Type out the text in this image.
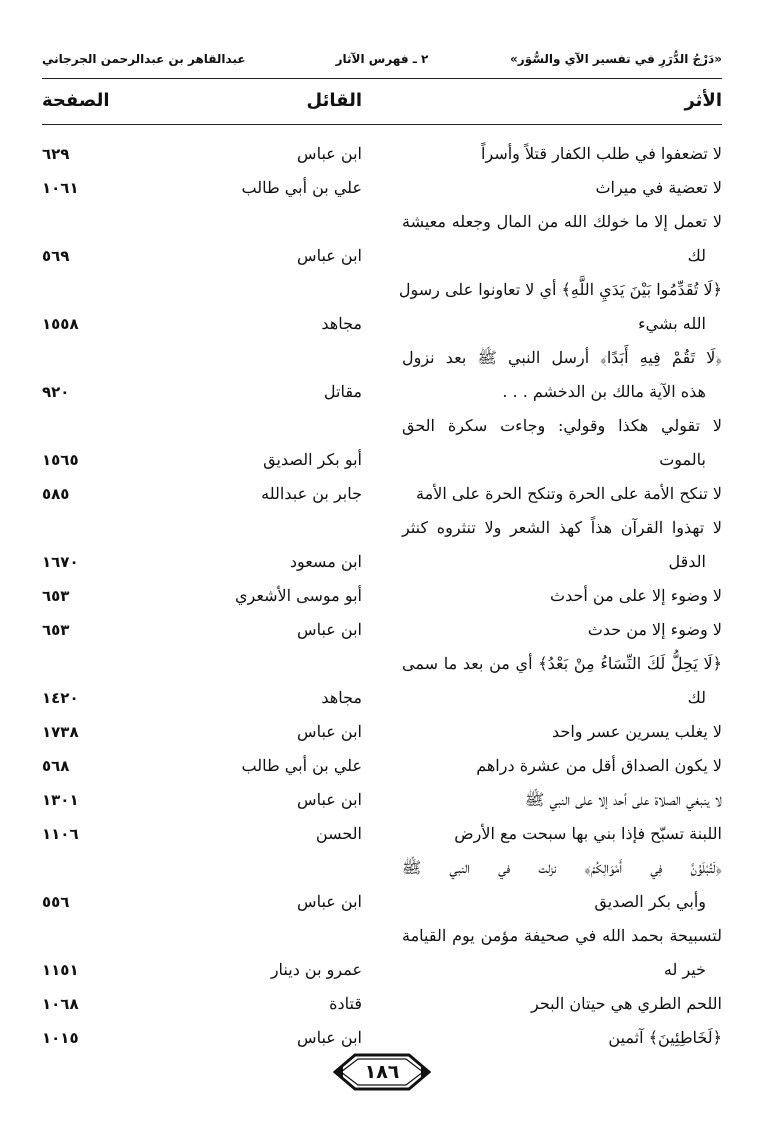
«دَرْجُ الدُّرَرِ في تفسير الآي والسُّوَر»
٢ ـ فهرس الآثار
عبدالقاهر بن عبدالرحمن الجرجاني
الأثر
القائل
الصفحة
لا تضعفوا في طلب الكفار قتلاً وأسراً
ابن عباس
٦٢٩
لا تعضية في ميراث
علي بن أبي طالب
١٠٦١
لا تعمل إلا ما خولك الله من المال وجعله معيشة
لك
ابن عباس
٥٦٩
﴿لَا تُقَدِّمُوا بَيْنَ يَدَيِ اللَّهِ﴾ أي لا تعاونوا على رسول
الله بشيء
مجاهد
١٥٥٨
﴿لَا تَقُمْ فِيهِ أَبَدًا﴾ أرسل النبي ﷺ بعد نزول
هذه الآية مالك بن الدخشم . . .
مقاتل
٩٢٠
لا تقولي هكذا وقولي: وجاءت سكرة الحق
بالموت
أبو بكر الصديق
١٥٦٥
لا تنكح الأمة على الحرة وتنكح الحرة على الأمة
جابر بن عبدالله
٥٨٥
لا تهذوا القرآن هذاً كهذ الشعر ولا تنثروه كنثر
الدقل
ابن مسعود
١٦٧٠
لا وضوء إلا على من أحدث
أبو موسى الأشعري
٦٥٣
لا وضوء إلا من حدث
ابن عباس
٦٥٣
﴿لَا يَحِلُّ لَكَ النِّسَاءُ مِنْ بَعْدُ﴾ أي من بعد ما سمى
لك
مجاهد
١٤٢٠
لا يغلب يسرين عسر واحد
ابن عباس
١٧٣٨
لا يكون الصداق أقل من عشرة دراهم
علي بن أبي طالب
٥٦٨
لا ينبغي الصلاة على أحد إلا على النبي ﷺ
ابن عباس
١٣٠١
اللبنة تسبّح فإذا بني بها سبحت مع الأرض
الحسن
١١٠٦
﴿لَتُبْلَوُنَّ فِي أَمْوَالِكُمْ﴾ نزلت في النبي ﷺ
وأبي بكر الصديق
ابن عباس
٥٥٦
لتسبيحة بحمد الله في صحيفة مؤمن يوم القيامة
خير له
عمرو بن دينار
١١٥١
اللحم الطري هي حيتان البحر
قتادة
١٠٦٨
﴿لَخَاطِئِينَ﴾ آثمين
ابن عباس
١٠١٥
١٨٦
